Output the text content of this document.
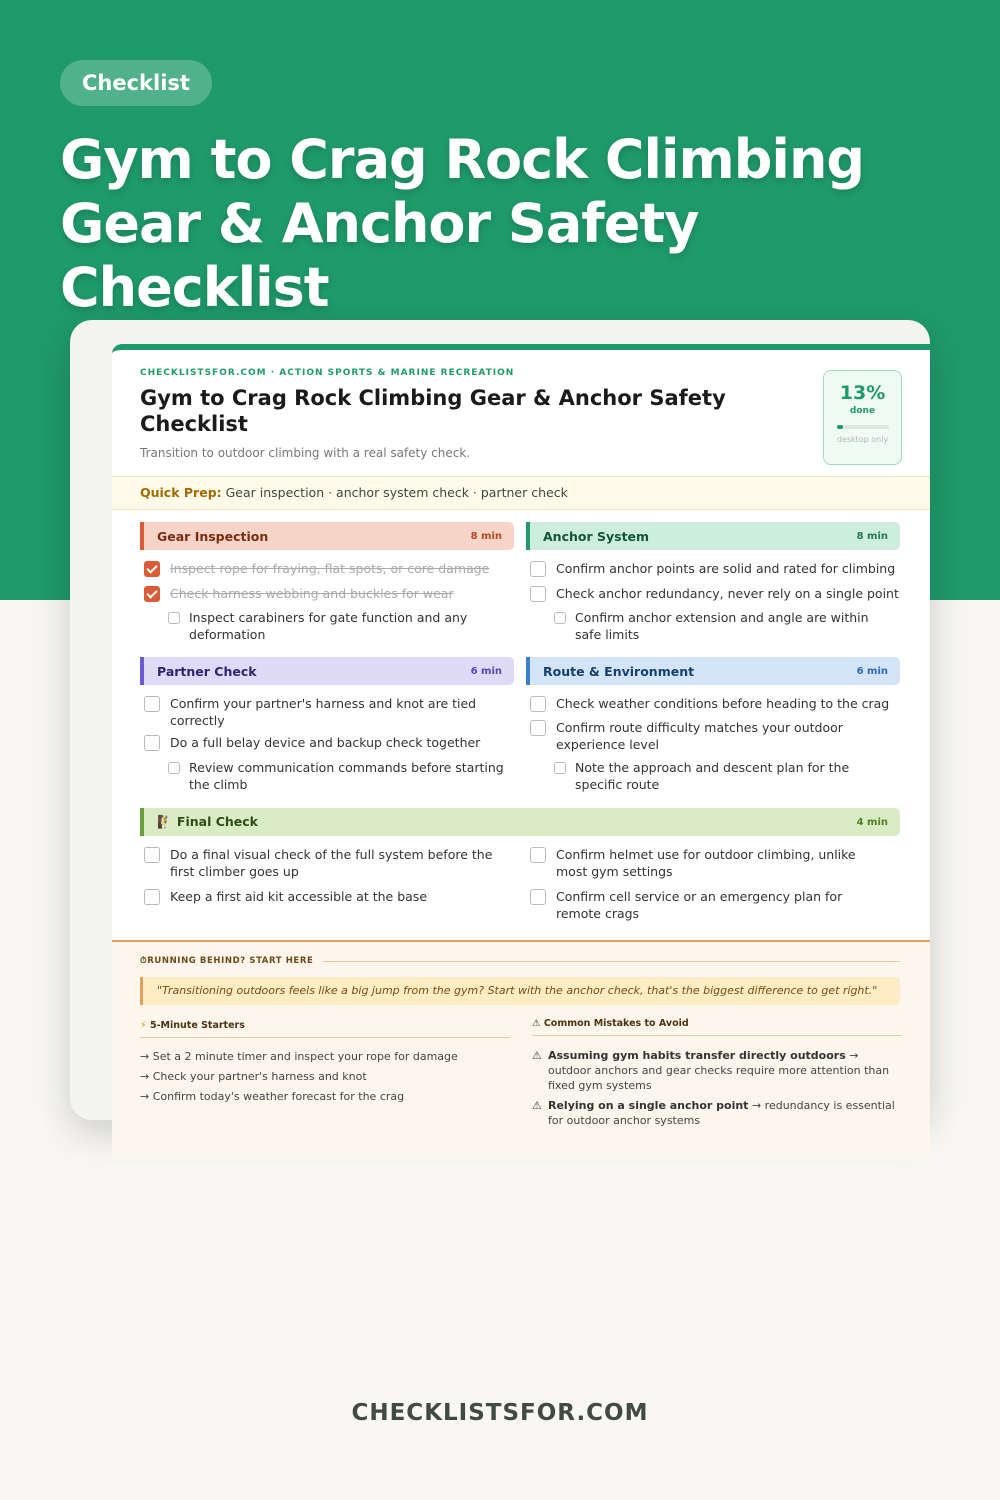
Checklist
Gym to Crag Rock Climbing Gear & Anchor Safety Checklist
CHECKLISTSFOR.COM · ACTION SPORTS & MARINE RECREATION
Gym to Crag Rock Climbing Gear & Anchor Safety Checklist
Transition to outdoor climbing with a real safety check.
13%
done
desktop only
Quick Prep: Gear inspection · anchor system check · partner check
Gear Inspection	8 min
Inspect rope for fraying, flat spots, or core damage
Check harness webbing and buckles for wear
Inspect carabiners for gate function and any deformation
Anchor System	8 min
Confirm anchor points are solid and rated for climbing
Check anchor redundancy, never rely on a single point
Confirm anchor extension and angle are within safe limits
Partner Check	6 min
Confirm your partner's harness and knot are tied correctly
Do a full belay device and backup check together
Review communication commands before starting the climb
Route & Environment	6 min
Check weather conditions before heading to the crag
Confirm route difficulty matches your outdoor experience level
Note the approach and descent plan for the specific route
🧗 Final Check	4 min
Do a final visual check of the full system before the first climber goes up
Confirm helmet use for outdoor climbing, unlike most gym settings
Keep a first aid kit accessible at the base	Confirm cell service or an emergency plan for remote crags
⏱ RUNNING BEHIND? START HERE
"Transitioning outdoors feels like a big jump from the gym? Start with the anchor check, that's the biggest difference to get right."
⚡ 5-Minute Starters
→ Set a 2 minute timer and inspect your rope for damage
→ Check your partner's harness and knot
→ Confirm today's weather forecast for the crag
⚠ Common Mistakes to Avoid
⚠ Assuming gym habits transfer directly outdoors → outdoor anchors and gear checks require more attention than fixed gym systems
⚠ Relying on a single anchor point → redundancy is essential for outdoor anchor systems
CHECKLISTSFOR.COM
